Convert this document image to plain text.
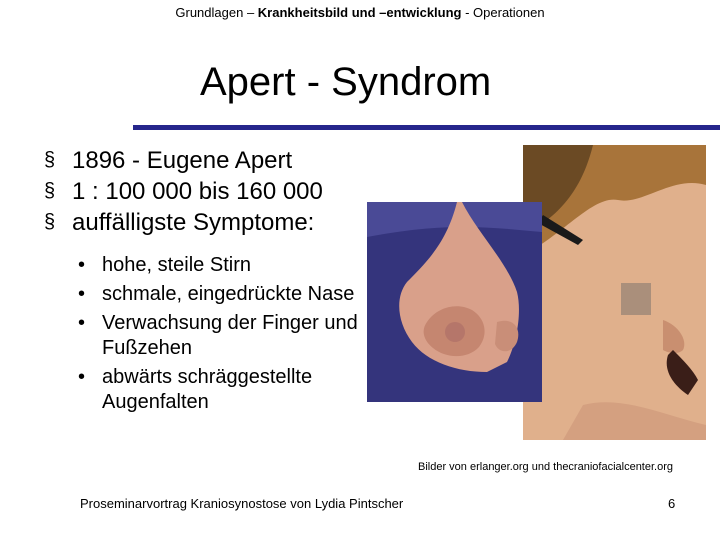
Grundlagen – Krankheitsbild und –entwicklung - Operationen
Apert - Syndrom
§ 1896 - Eugene Apert
§ 1 : 100 000 bis 160 000
§ auffälligste Symptome:
• hohe, steile Stirn
• schmale, eingedrückte Nase
• Verwachsung der Finger und Fußzehen
• abwärts schräggestellte Augenfalten
Bilder von erlanger.org und thecraniofacialcenter.org
Proseminarvortrag Kraniosynostose von Lydia Pintscher	6
